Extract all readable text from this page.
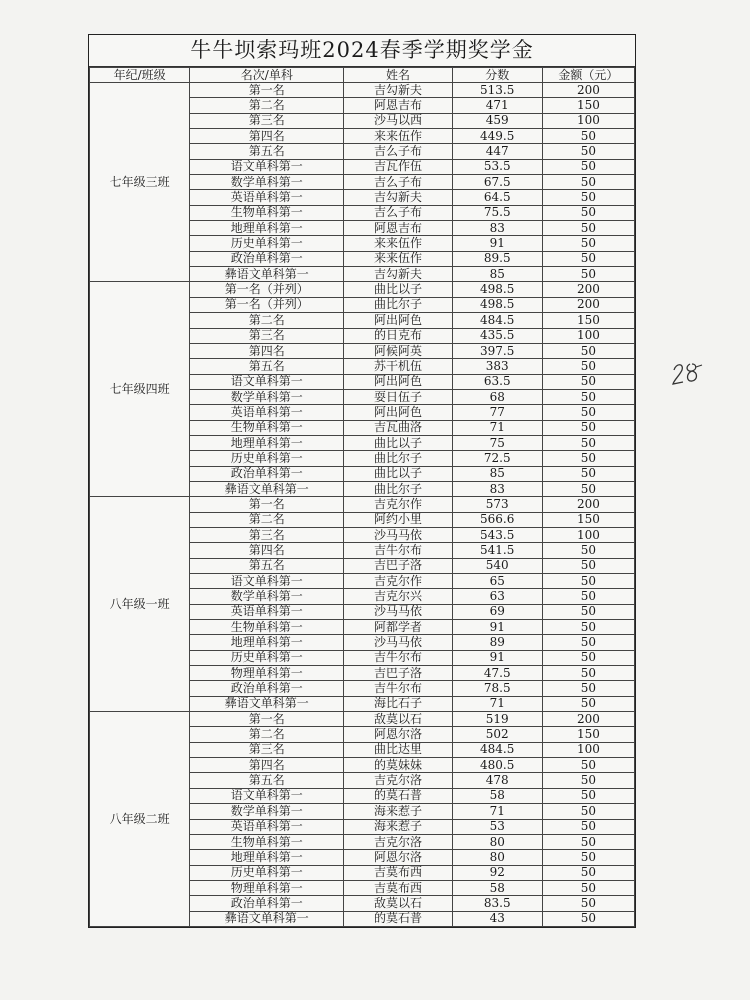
牛牛坝索玛班2024春季学期奖学金
年纪/班级	名次/单科	姓名	分数	金额（元）
七年级三班	第一名	吉勾新夫	513.5	200
	第二名	阿恩吉布	471	150
	第三名	沙马以西	459	100
	第四名	来来伍作	449.5	50
	第五名	吉么子布	447	50
	语文单科第一	吉瓦作伍	53.5	50
	数学单科第一	吉么子布	67.5	50
	英语单科第一	吉勾新夫	64.5	50
	生物单科第一	吉么子布	75.5	50
	地理单科第一	阿恩吉布	83	50
	历史单科第一	来来伍作	91	50
	政治单科第一	来来伍作	89.5	50
	彝语文单科第一	吉勾新夫	85	50
七年级四班	第一名（并列）	曲比以子	498.5	200
	第一名（并列）	曲比尔子	498.5	200
	第二名	阿出阿色	484.5	150
	第三名	的日克布	435.5	100
	第四名	阿候阿英	397.5	50
	第五名	苏干机伍	383	50
	语文单科第一	阿出阿色	63.5	50
	数学单科第一	耍日伍子	68	50
	英语单科第一	阿出阿色	77	50
	生物单科第一	吉瓦曲洛	71	50
	地理单科第一	曲比以子	75	50
	历史单科第一	曲比尔子	72.5	50
	政治单科第一	曲比以子	85	50
	彝语文单科第一	曲比尔子	83	50
八年级一班	第一名	吉克尔作	573	200
	第二名	阿约小里	566.6	150
	第三名	沙马马依	543.5	100
	第四名	吉牛尔布	541.5	50
	第五名	吉巴子洛	540	50
	语文单科第一	吉克尔作	65	50
	数学单科第一	吉克尔兴	63	50
	英语单科第一	沙马马依	69	50
	生物单科第一	阿都学者	91	50
	地理单科第一	沙马马依	89	50
	历史单科第一	吉牛尔布	91	50
	物理单科第一	吉巴子洛	47.5	50
	政治单科第一	吉牛尔布	78.5	50
	彝语文单科第一	海比石子	71	50
八年级二班	第一名	敌莫以石	519	200
	第二名	阿恩尔洛	502	150
	第三名	曲比达里	484.5	100
	第四名	的莫妹妹	480.5	50
	第五名	吉克尔洛	478	50
	语文单科第一	的莫石普	58	50
	数学单科第一	海来惹子	71	50
	英语单科第一	海来惹子	53	50
	生物单科第一	吉克尔洛	80	50
	地理单科第一	阿恩尔洛	80	50
	历史单科第一	吉莫布西	92	50
	物理单科第一	吉莫布西	58	50
	政治单科第一	敌莫以石	83.5	50
	彝语文单科第一	的莫石普	43	50
